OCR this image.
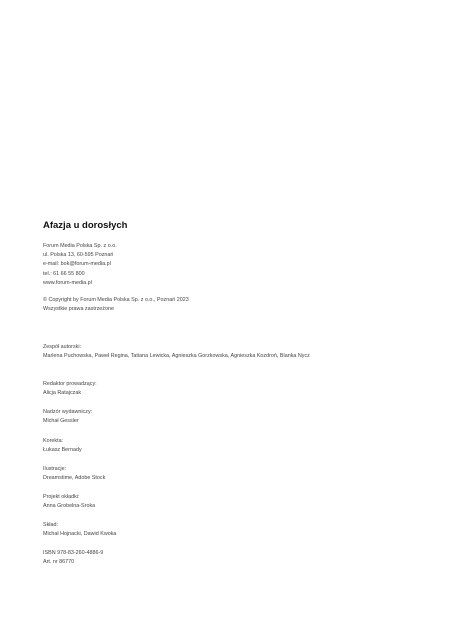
Afazja u dorosłych
Forum Media Polska Sp. z o.o.
ul. Polska 13, 60-595 Poznań
e-mail: bok@forum-media.pl
tel.: 61 66 55 800
www.forum-media.pl
© Copyright by Forum Media Polska Sp. z o.o., Poznań 2023
Wszystkie prawa zastrzeżone
Zespół autorski:
Marlena Puchowska, Paweł Regina, Tatiana Lewicka, Agnieszka Gorzkowska, Agnieszka Kozdroń, Blanka Nycz
Redaktor prowadzący:
Alicja Ratajczak
Nadzór wydawniczy:
Michał Gessler
Korekta:
Łukasz Bernady
Ilustracje:
Dreamstime, Adobe Stock
Projekt okładki:
Anna Grobelna-Sroka
Skład:
Michał Hojnacki, Dawid Kwoka
ISBN 978-83-260-4886-9
Art. nr 86770
